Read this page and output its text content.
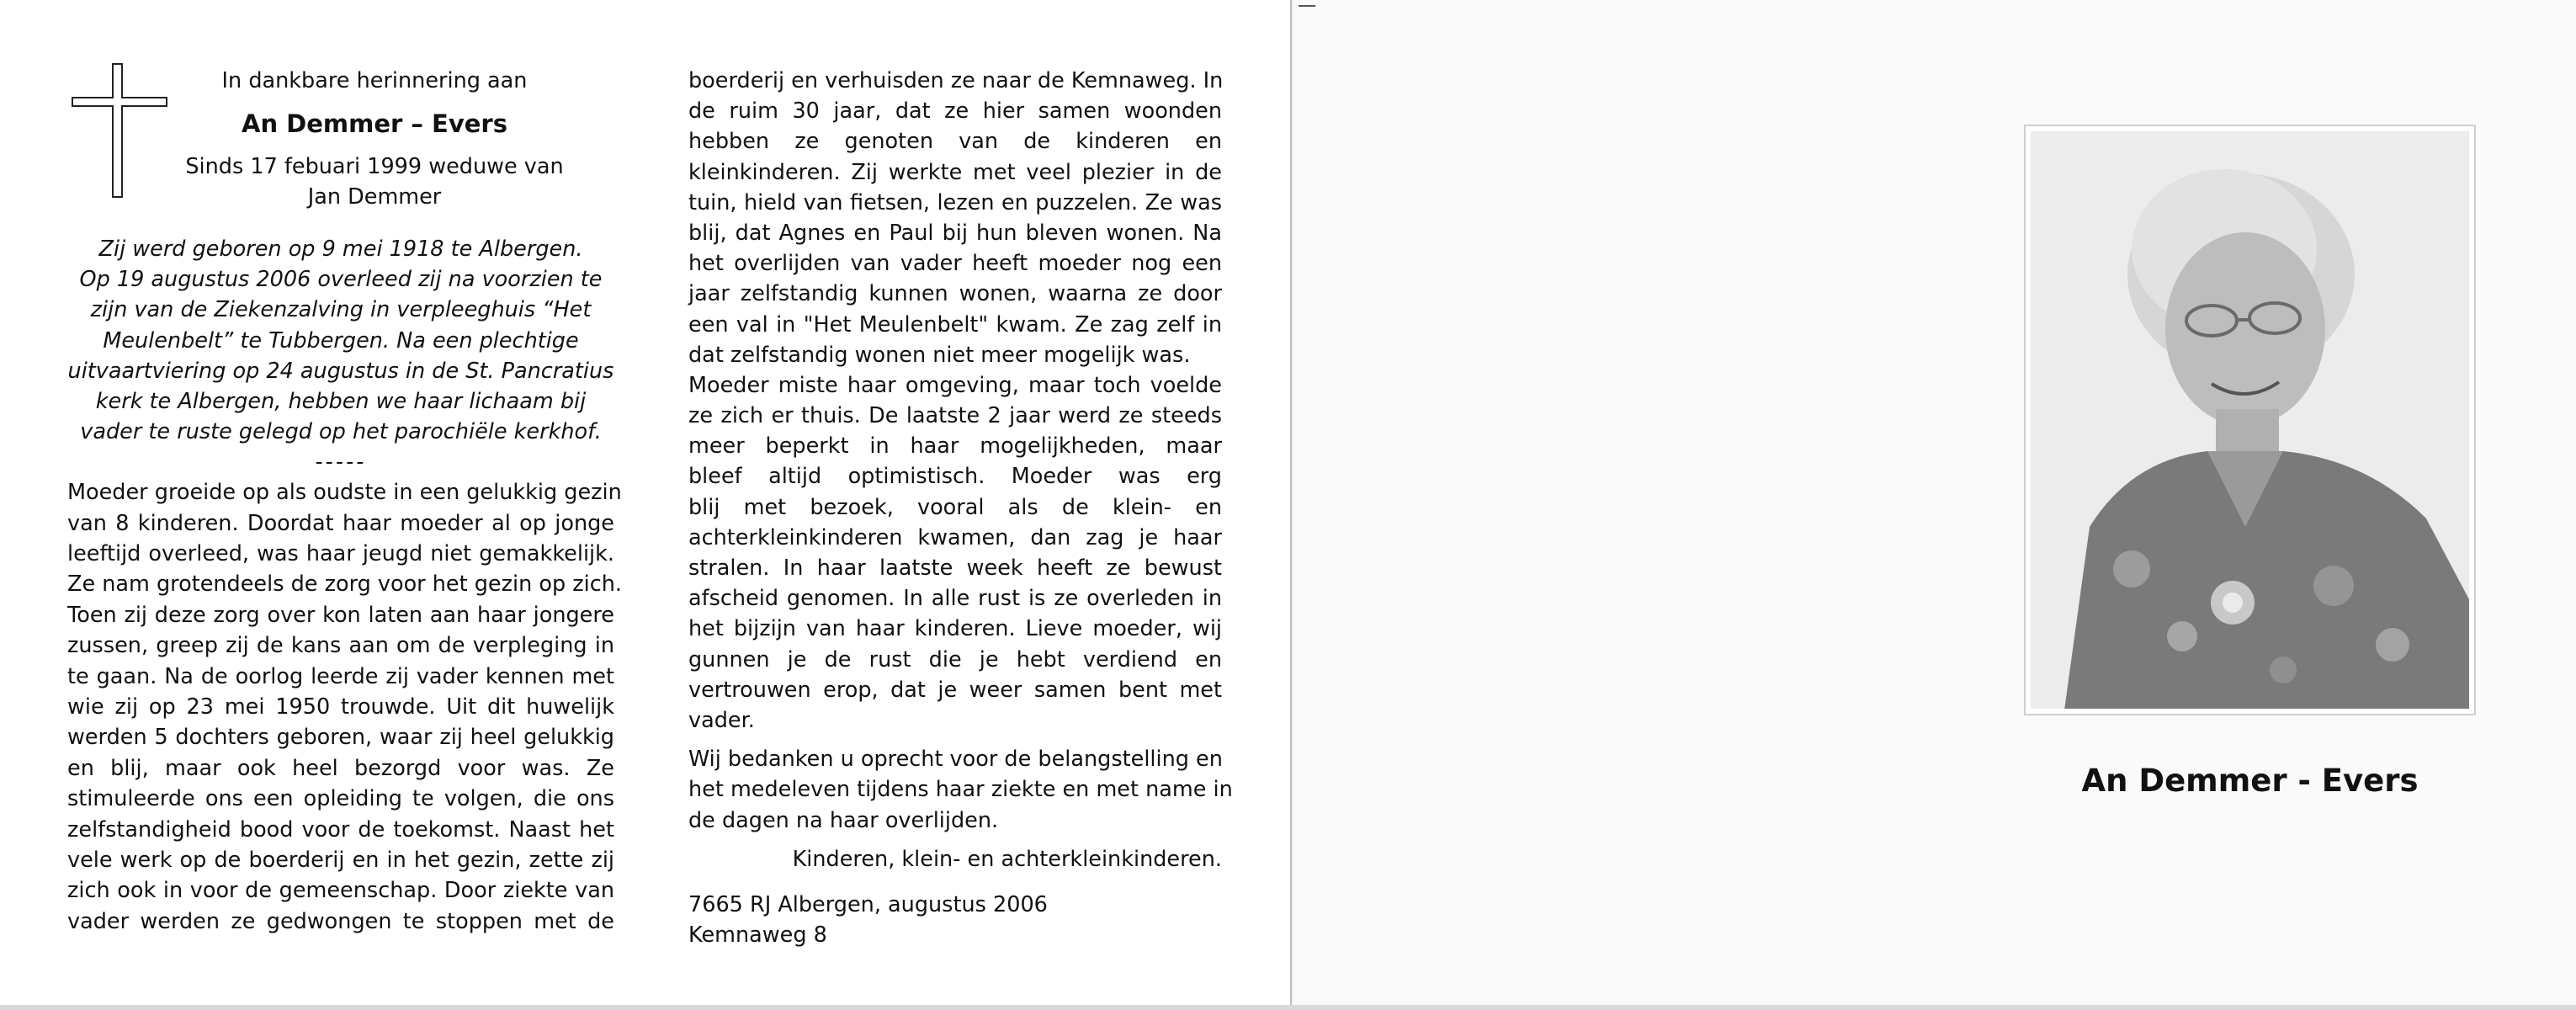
In dankbare herinnering aan
An Demmer – Evers
Sinds 17 febuari 1999 weduwe van
Jan Demmer
Zij werd geboren op 9 mei 1918 te Albergen.
Op 19 augustus 2006 overleed zij na voorzien te
zijn van de Ziekenzalving in verpleeghuis “Het
Meulenbelt” te Tubbergen. Na een plechtige
uitvaartviering op 24 augustus in de St. Pancratius
kerk te Albergen, hebben we haar lichaam bij
vader te ruste gelegd op het parochiële kerkhof.
-----
Moeder groeide op als oudste in een gelukkig gezin
van 8 kinderen. Doordat haar moeder al op jonge
leeftijd overleed, was haar jeugd niet gemakkelijk.
Ze nam grotendeels de zorg voor het gezin op zich.
Toen zij deze zorg over kon laten aan haar jongere
zussen, greep zij de kans aan om de verpleging in
te gaan. Na de oorlog leerde zij vader kennen met
wie zij op 23 mei 1950 trouwde. Uit dit huwelijk
werden 5 dochters geboren, waar zij heel gelukkig
en blij, maar ook heel bezorgd voor was. Ze
stimuleerde ons een opleiding te volgen, die ons
zelfstandigheid bood voor de toekomst. Naast het
vele werk op de boerderij en in het gezin, zette zij
zich ook in voor de gemeenschap. Door ziekte van
vader werden ze gedwongen te stoppen met de
boerderij en verhuisden ze naar de Kemnaweg. In
de ruim 30 jaar, dat ze hier samen woonden
hebben ze genoten van de kinderen en
kleinkinderen. Zij werkte met veel plezier in de
tuin, hield van fietsen, lezen en puzzelen. Ze was
blij, dat Agnes en Paul bij hun bleven wonen. Na
het overlijden van vader heeft moeder nog een
jaar zelfstandig kunnen wonen, waarna ze door
een val in "Het Meulenbelt" kwam. Ze zag zelf in
dat zelfstandig wonen niet meer mogelijk was.
Moeder miste haar omgeving, maar toch voelde
ze zich er thuis. De laatste 2 jaar werd ze steeds
meer beperkt in haar mogelijkheden, maar
bleef altijd optimistisch. Moeder was erg
blij met bezoek, vooral als de klein- en
achterkleinkinderen kwamen, dan zag je haar
stralen. In haar laatste week heeft ze bewust
afscheid genomen. In alle rust is ze overleden in
het bijzijn van haar kinderen. Lieve moeder, wij
gunnen je de rust die je hebt verdiend en
vertrouwen erop, dat je weer samen bent met
vader.
Wij bedanken u oprecht voor de belangstelling en
het medeleven tijdens haar ziekte en met name in
de dagen na haar overlijden.
Kinderen, klein- en achterkleinkinderen.
7665 RJ Albergen, augustus 2006
Kemnaweg 8
An Demmer - Evers
